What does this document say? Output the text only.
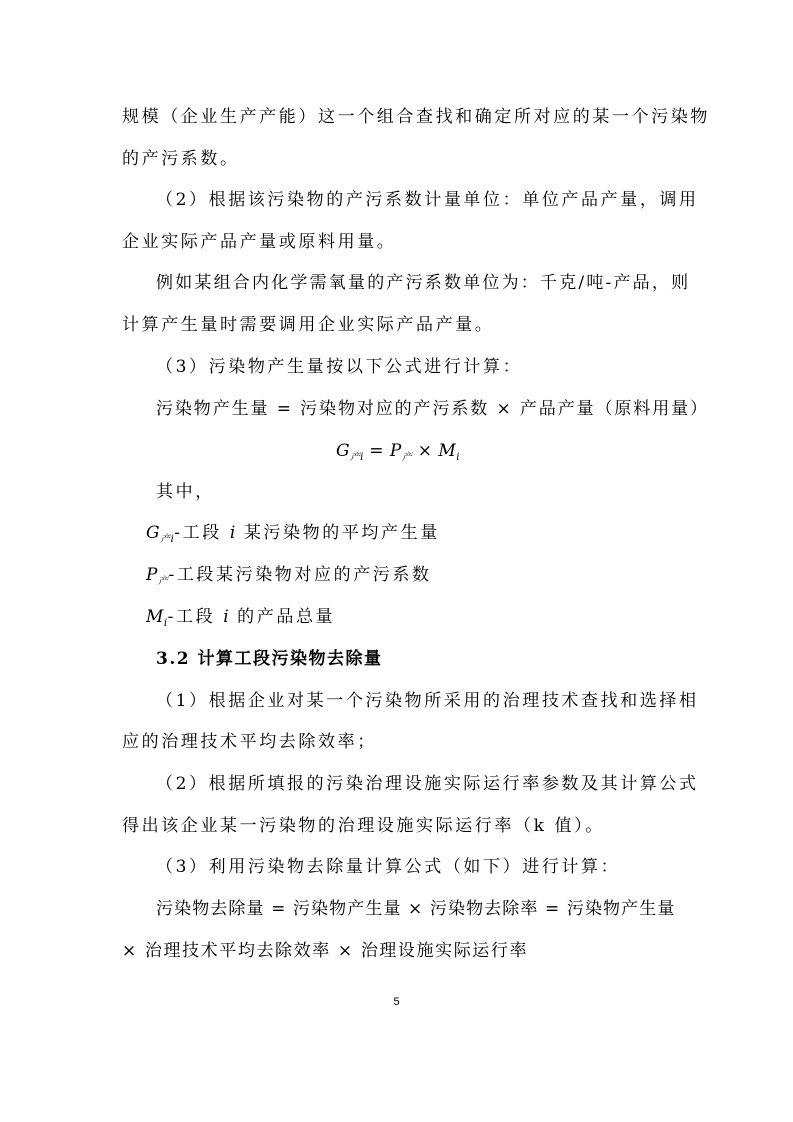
规模（企业生产产能）这一个组合查找和确定所对应的某一个污染物
的产污系数。
（2）根据该污染物的产污系数计量单位：单位产品产量，调用
企业实际产品产量或原料用量。
例如某组合内化学需氧量的产污系数单位为：千克/吨-产品，则
计算产生量时需要调用企业实际产品产量。
（3）污染物产生量按以下公式进行计算：
污染物产生量 = 污染物对应的产污系数 × 产品产量（原料用量）
$G_{产i} = P_产 \times M_i$
其中，
$G_{产i}-$工段 i 某污染物的平均产生量
$P_产-$工段某污染物对应的产污系数
$M_i-$工段 i 的产品总量
3.2 计算工段污染物去除量
（1）根据企业对某一个污染物所采用的治理技术查找和选择相
应的治理技术平均去除效率；
（2）根据所填报的污染治理设施实际运行率参数及其计算公式
得出该企业某一污染物的治理设施实际运行率（k 值）。
（3）利用污染物去除量计算公式（如下）进行计算：
污染物去除量 = 污染物产生量 × 污染物去除率 = 污染物产生量
× 治理技术平均去除效率 × 治理设施实际运行率
5
